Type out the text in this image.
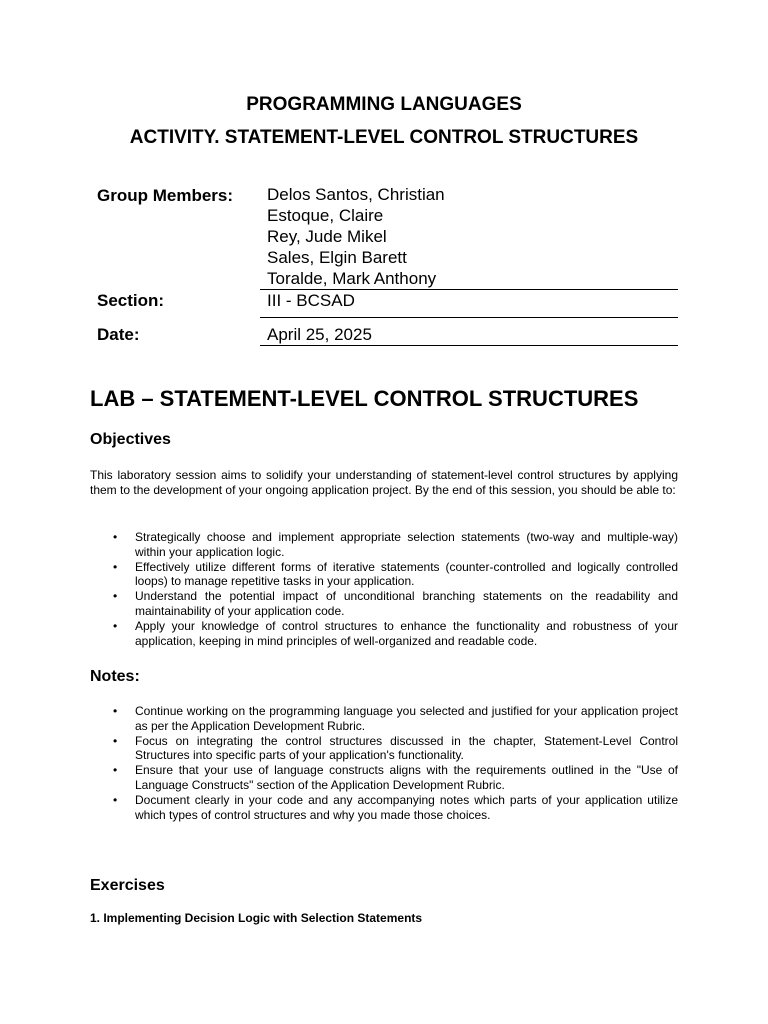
PROGRAMMING LANGUAGES
ACTIVITY. STATEMENT-LEVEL CONTROL STRUCTURES
Group Members:	Delos Santos, Christian
Estoque, Claire
Rey, Jude Mikel
Sales, Elgin Barett
Toralde, Mark Anthony
Section:	III - BCSAD
Date:	April 25, 2025
LAB – STATEMENT-LEVEL CONTROL STRUCTURES
Objectives

This laboratory session aims to solidify your understanding of statement-level control structures by applying them to the development of your ongoing application project. By the end of this session, you should be able to:

• Strategically choose and implement appropriate selection statements (two-way and multiple-way) within your application logic.
• Effectively utilize different forms of iterative statements (counter-controlled and logically controlled loops) to manage repetitive tasks in your application.
• Understand the potential impact of unconditional branching statements on the readability and maintainability of your application code.
• Apply your knowledge of control structures to enhance the functionality and robustness of your application, keeping in mind principles of well-organized and readable code.
Notes:
• Continue working on the programming language you selected and justified for your application project as per the Application Development Rubric.
• Focus on integrating the control structures discussed in the chapter, Statement-Level Control Structures into specific parts of your application's functionality.
• Ensure that your use of language constructs aligns with the requirements outlined in the "Use of Language Constructs" section of the Application Development Rubric.
• Document clearly in your code and any accompanying notes which parts of your application utilize which types of control structures and why you made those choices.
Exercises

1. Implementing Decision Logic with Selection Statements
